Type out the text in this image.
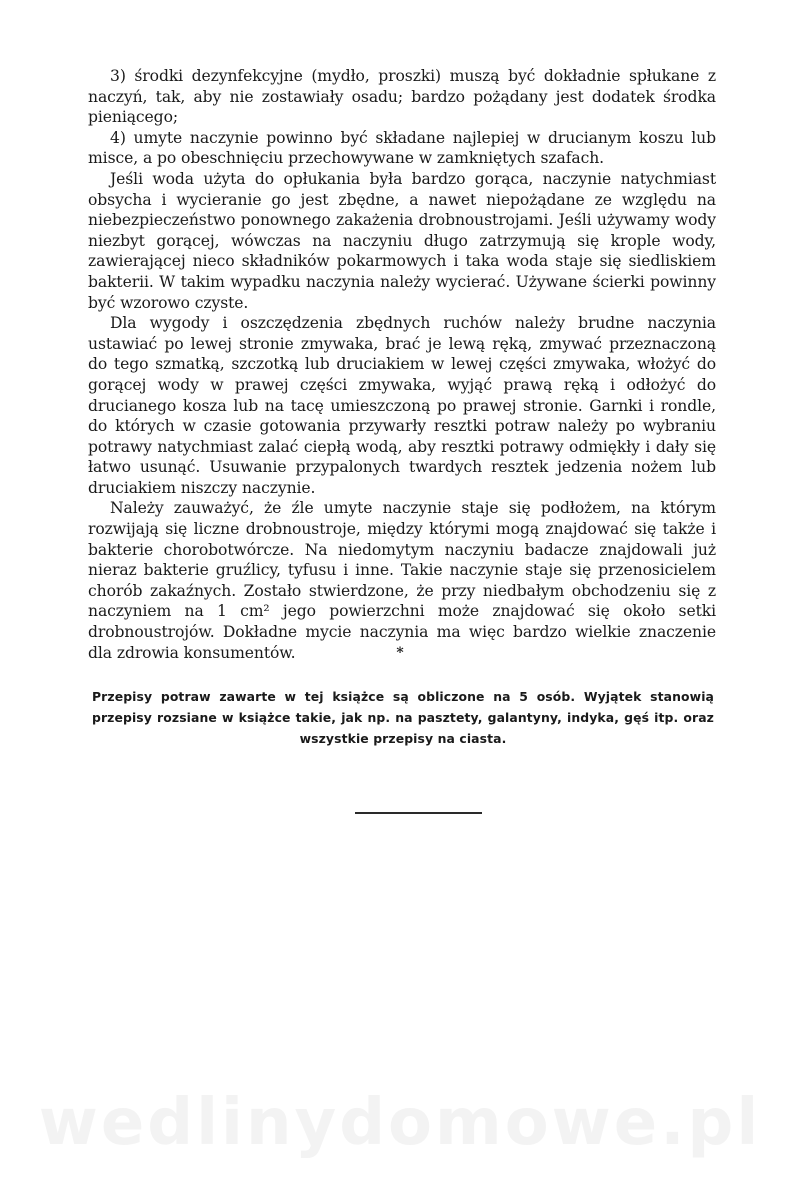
3) środki dezynfekcyjne (mydło, proszki) muszą być dokładnie spłukane z naczyń, tak, aby nie zostawiały osadu; bardzo pożądany jest dodatek środka pieniącego;

4) umyte naczynie powinno być składane najlepiej w drucianym koszu lub misce, a po obeschnięciu przechowywane w zamkniętych szafach.

Jeśli woda użyta do opłukania była bardzo gorąca, naczynie natychmiast obsycha i wycieranie go jest zbędne, a nawet niepożądane ze względu na niebezpieczeństwo ponownego zakażenia drobnoustrojami. Jeśli używamy wody niezbyt gorącej, wówczas na naczyniu długo zatrzymują się krople wody, zawierającej nieco składników pokarmowych i taka woda staje się siedliskiem bakterii. W takim wypadku naczynia należy wycierać. Używane ścierki powinny być wzorowo czyste.

Dla wygody i oszczędzenia zbędnych ruchów należy brudne naczynia ustawiać po lewej stronie zmywaka, brać je lewą ręką, zmywać przeznaczoną do tego szmatką, szczotką lub druciakiem w lewej części zmywaka, włożyć do gorącej wody w prawej części zmywaka, wyjąć prawą ręką i odłożyć do drucianego kosza lub na tacę umieszczoną po prawej stronie. Garnki i rondle, do których w czasie gotowania przywarły resztki potraw należy po wybraniu potrawy natychmiast zalać ciepłą wodą, aby resztki potrawy odmiękły i dały się łatwo usunąć. Usuwanie przypalonych twardych resztek jedzenia nożem lub druciakiem niszczy naczynie.

Należy zauważyć, że źle umyte naczynie staje się podłożem, na którym rozwijają się liczne drobnoustroje, między którymi mogą znajdować się także i bakterie chorobotwórcze. Na niedomytym naczyniu badacze znajdowali już nieraz bakterie gruźlicy, tyfusu i inne. Takie naczynie staje się przenosicielem chorób zakaźnych. Zostało stwierdzone, że przy niedbałym obchodzeniu się z naczyniem na 1 cm² jego powierzchni może znajdować się około setki drobnoustrojów. Dokładne mycie naczynia ma więc bardzo wielkie znaczenie dla zdrowia konsumentów.	*

Przepisy potraw zawarte w tej książce są obliczone na 5 osób. Wyjątek stanowią przepisy rozsiane w książce takie, jak np. na pasztety, galantyny, indyka, gęś itp. oraz wszystkie przepisy na ciasta.

wedlinydomowe.pl
